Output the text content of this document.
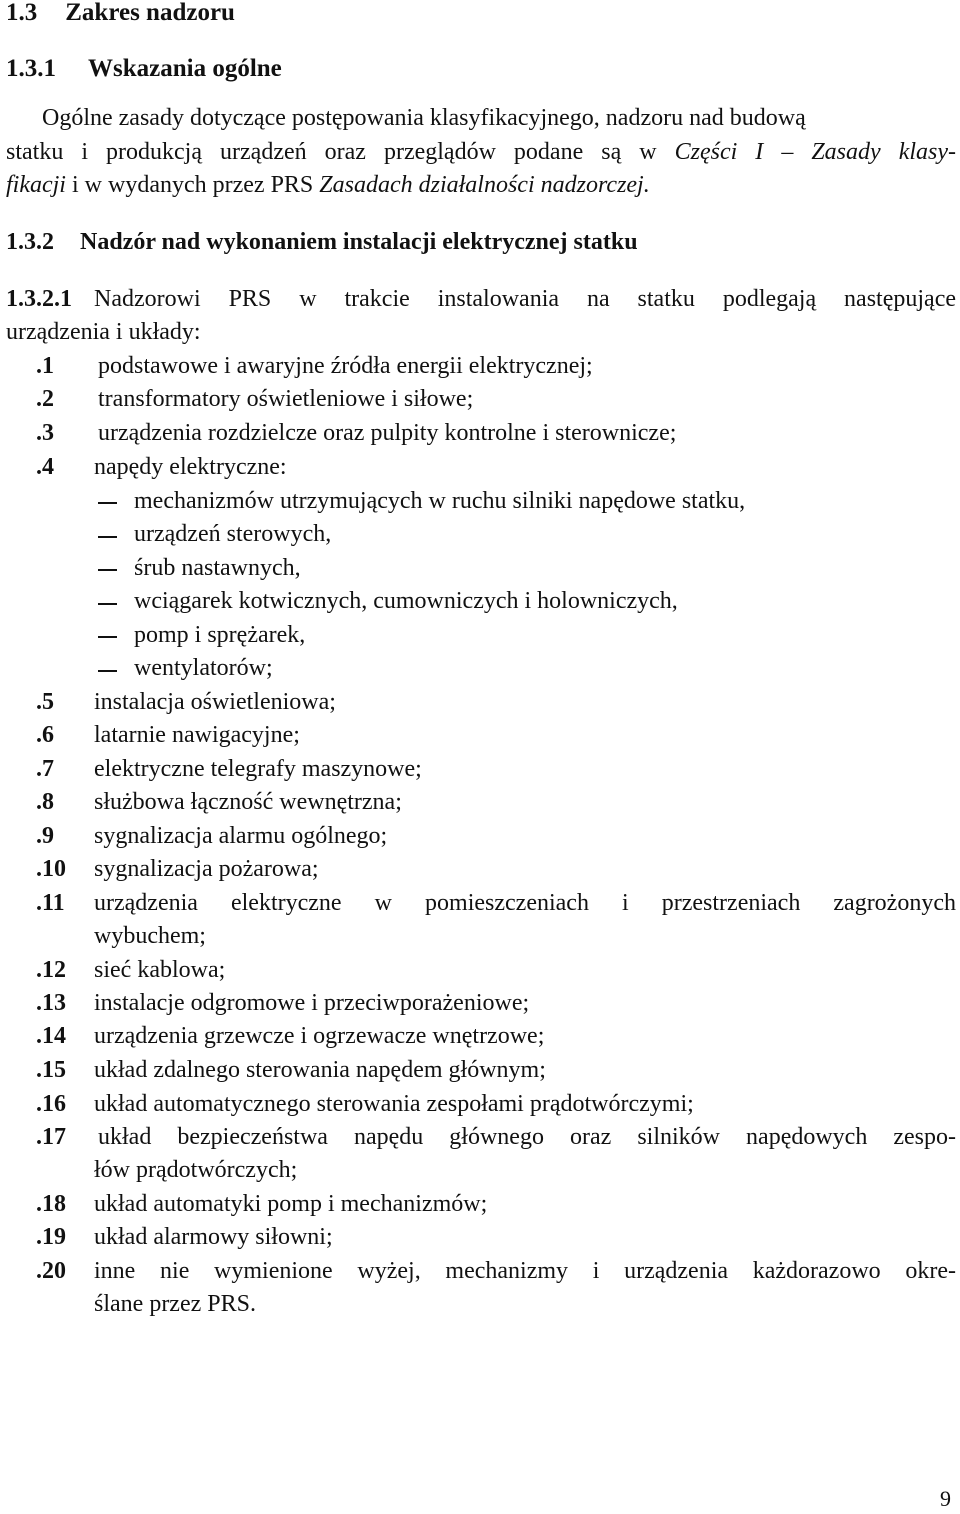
1.3 Zakres nadzoru
1.3.1 Wskazania ogólne
Ogólne zasady dotyczące postępowania klasyfikacyjnego, nadzoru nad budową
statku i produkcją urządzeń oraz przeglądów podane są w Części I – Zasady klasy-
fikacji i w wydanych przez PRS Zasadach działalności nadzorczej.
1.3.2 Nadzór nad wykonaniem instalacji elektrycznej statku
1.3.2.1 Nadzorowi PRS w trakcie instalowania na statku podlegają następujące
urządzenia i układy:
.1 podstawowe i awaryjne źródła energii elektrycznej;
.2 transformatory oświetleniowe i siłowe;
.3 urządzenia rozdzielcze oraz pulpity kontrolne i sterownicze;
.4 napędy elektryczne:
mechanizmów utrzymujących w ruchu silniki napędowe statku,
urządzeń sterowych,
śrub nastawnych,
wciągarek kotwicznych, cumowniczych i holowniczych,
pomp i sprężarek,
wentylatorów;
.5 instalacja oświetleniowa;
.6 latarnie nawigacyjne;
.7 elektryczne telegrafy maszynowe;
.8 służbowa łączność wewnętrzna;
.9 sygnalizacja alarmu ogólnego;
.10 sygnalizacja pożarowa;
.11 urządzenia elektryczne w pomieszczeniach i przestrzeniach zagrożonych
wybuchem;
.12 sieć kablowa;
.13 instalacje odgromowe i przeciwporażeniowe;
.14 urządzenia grzewcze i ogrzewacze wnętrzowe;
.15 układ zdalnego sterowania napędem głównym;
.16 układ automatycznego sterowania zespołami prądotwórczymi;
.17 układ bezpieczeństwa napędu głównego oraz silników napędowych zespo-
łów prądotwórczych;
.18 układ automatyki pomp i mechanizmów;
.19 układ alarmowy siłowni;
.20 inne nie wymienione wyżej, mechanizmy i urządzenia każdorazowo okre-
ślane przez PRS.
9
